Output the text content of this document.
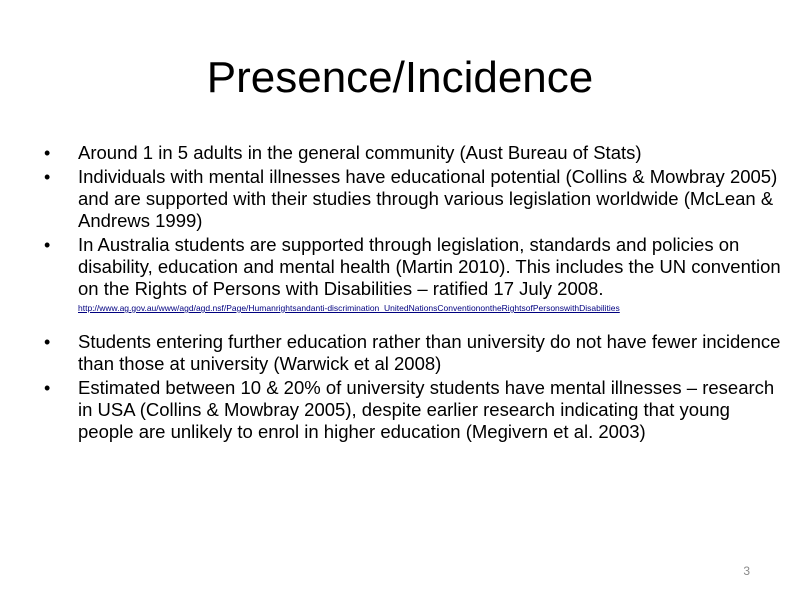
Presence/Incidence
• Around 1 in 5 adults in the general community (Aust Bureau of Stats)
• Individuals with mental illnesses have educational potential (Collins & Mowbray 2005) and are supported with their studies through various legislation worldwide (McLean & Andrews 1999)
• In Australia students are supported through legislation, standards and policies on disability, education and mental health (Martin 2010). This includes the UN convention on the Rights of Persons with Disabilities – ratified 17 July 2008.
http://www.ag.gov.au/www/agd/agd.nsf/Page/Humanrightsandanti-discrimination_UnitedNationsConventionontheRightsofPersonswithDisabilities
• Students entering further education rather than university do not have fewer incidence than those at university (Warwick et al 2008)
• Estimated between 10 & 20% of university students have mental illnesses – research in USA (Collins & Mowbray 2005), despite earlier research indicating that young people are unlikely to enrol in higher education (Megivern et al. 2003)
3
